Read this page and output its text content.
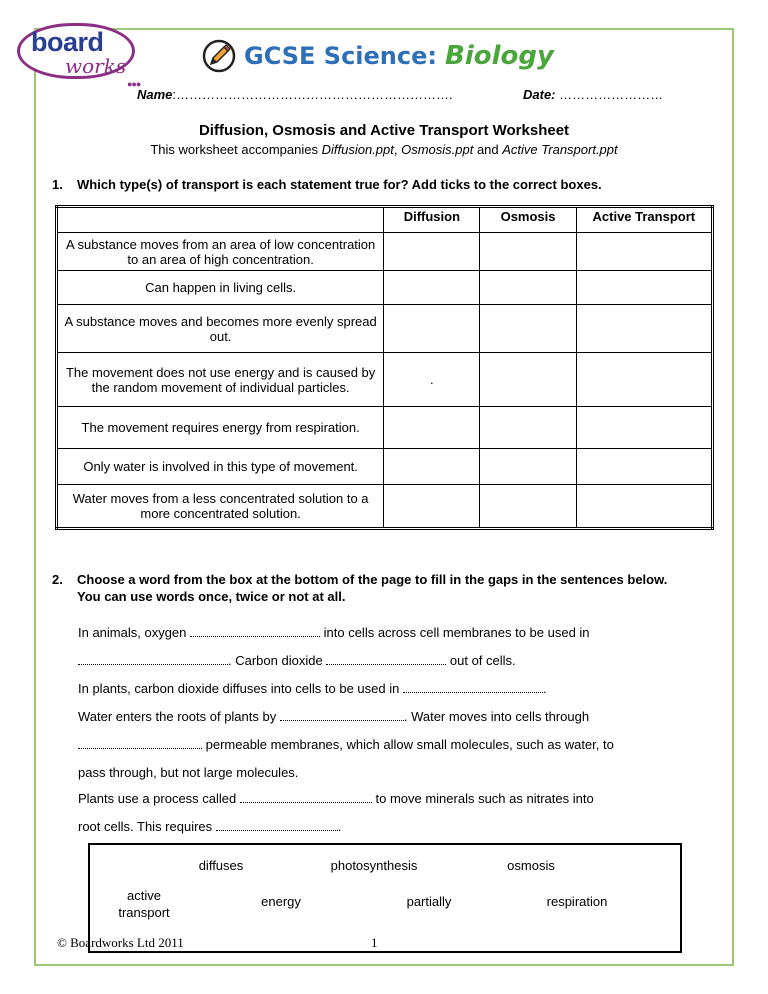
board
works
●●●
GCSE Science: Biology
Name:……………………………………………………….	Date: ……………………
Diffusion, Osmosis and Active Transport Worksheet
This worksheet accompanies Diffusion.ppt, Osmosis.ppt and Active Transport.ppt
1. Which type(s) of transport is each statement true for? Add ticks to the correct boxes.
	Diffusion	Osmosis	Active Transport
A substance moves from an area of low concentration to an area of high concentration.			
Can happen in living cells.			
A substance moves and becomes more evenly spread out.			
The movement does not use energy and is caused by the random movement of individual particles.	.		
The movement requires energy from respiration.			
Only water is involved in this type of movement.			
Water moves from a less concentrated solution to a more concentrated solution.			
2.	Choose a word from the box at the bottom of the page to fill in the gaps in the sentences below. You can use words once, twice or not at all.
In animals, oxygen	into cells across cell membranes to be used in
. Carbon dioxide	out of cells.
In plants, carbon dioxide diffuses into cells to be used in	.
Water enters the roots of plants by	. Water moves into cells through
permeable membranes, which allow small molecules, such as water, to
pass through, but not large molecules.
Plants use a process called	to move minerals such as nitrates into
root cells. This requires	.
diffuses	photosynthesis	osmosis
active transport
energy	partially	respiration
© Boardworks Ltd 2011	1
